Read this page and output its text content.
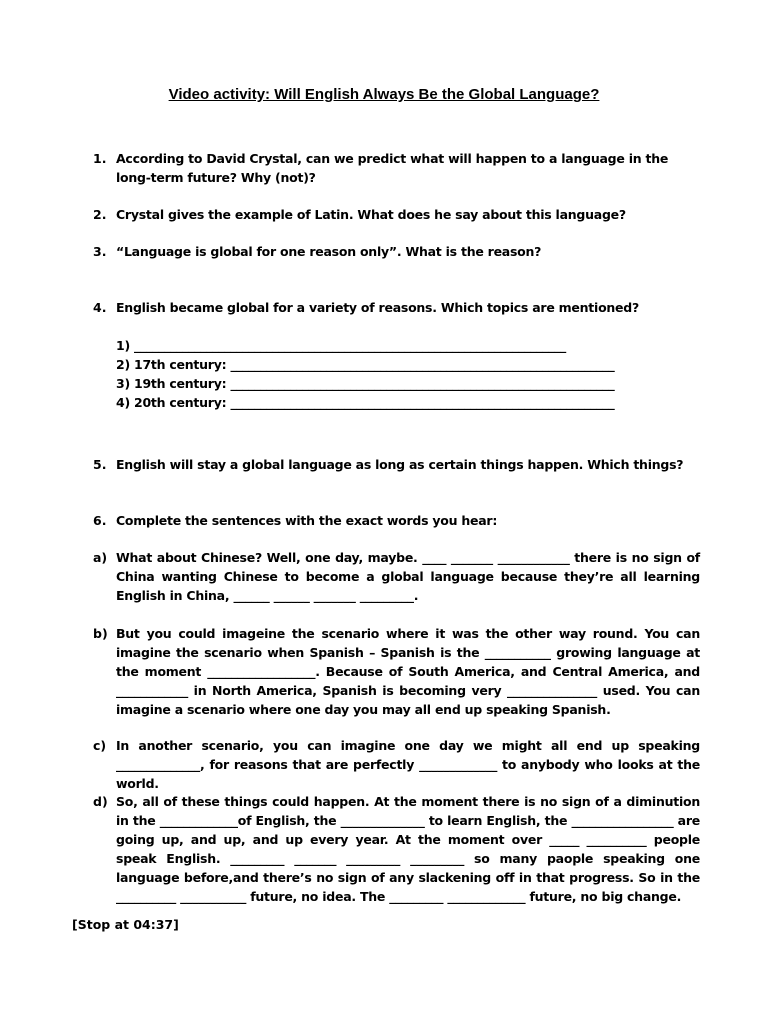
Video activity: Will English Always Be the Global Language?
1. According to David Crystal, can we predict what will happen to a language in the long-term future? Why (not)?
2. Crystal gives the example of Latin. What does he say about this language?
3. “Language is global for one reason only”. What is the reason?
4. English became global for a variety of reasons. Which topics are mentioned?
1) ________________________________________________________________________
2) 17th century: ________________________________________________________________
3) 19th century: ________________________________________________________________
4) 20th century: ________________________________________________________________
5. English will stay a global language as long as certain things happen. Which things?
6. Complete the sentences with the exact words you hear:
a) What about Chinese? Well, one day, maybe. ____ _______ ____________ there is no sign of China wanting Chinese to become a global language because they’re all learning English in China, ______ ______ _______ _________.
b) But you could imageine the scenario where it was the other way round. You can imagine the scenario when Spanish – Spanish is the ___________ growing language at the moment __________________. Because of South America, and Central America, and ____________ in North America, Spanish is becoming very _______________ used. You can imagine a scenario where one day you may all end up speaking Spanish.
c) In another scenario, you can imagine one day we might all end up speaking ______________, for reasons that are perfectly _____________ to anybody who looks at the world.
d) So, all of these things could happen. At the moment there is no sign of a diminution in the _____________of English, the ______________ to learn English, the _________________ are going up, and up, and up every year. At the moment over _____ __________ people speak English. _________ _______ _________ _________ so many paople speaking one language before,and there’s no sign of any slackening off in that progress. So in the __________ ___________ future, no idea. The _________ _____________ future, no big change.
[Stop at 04:37]
